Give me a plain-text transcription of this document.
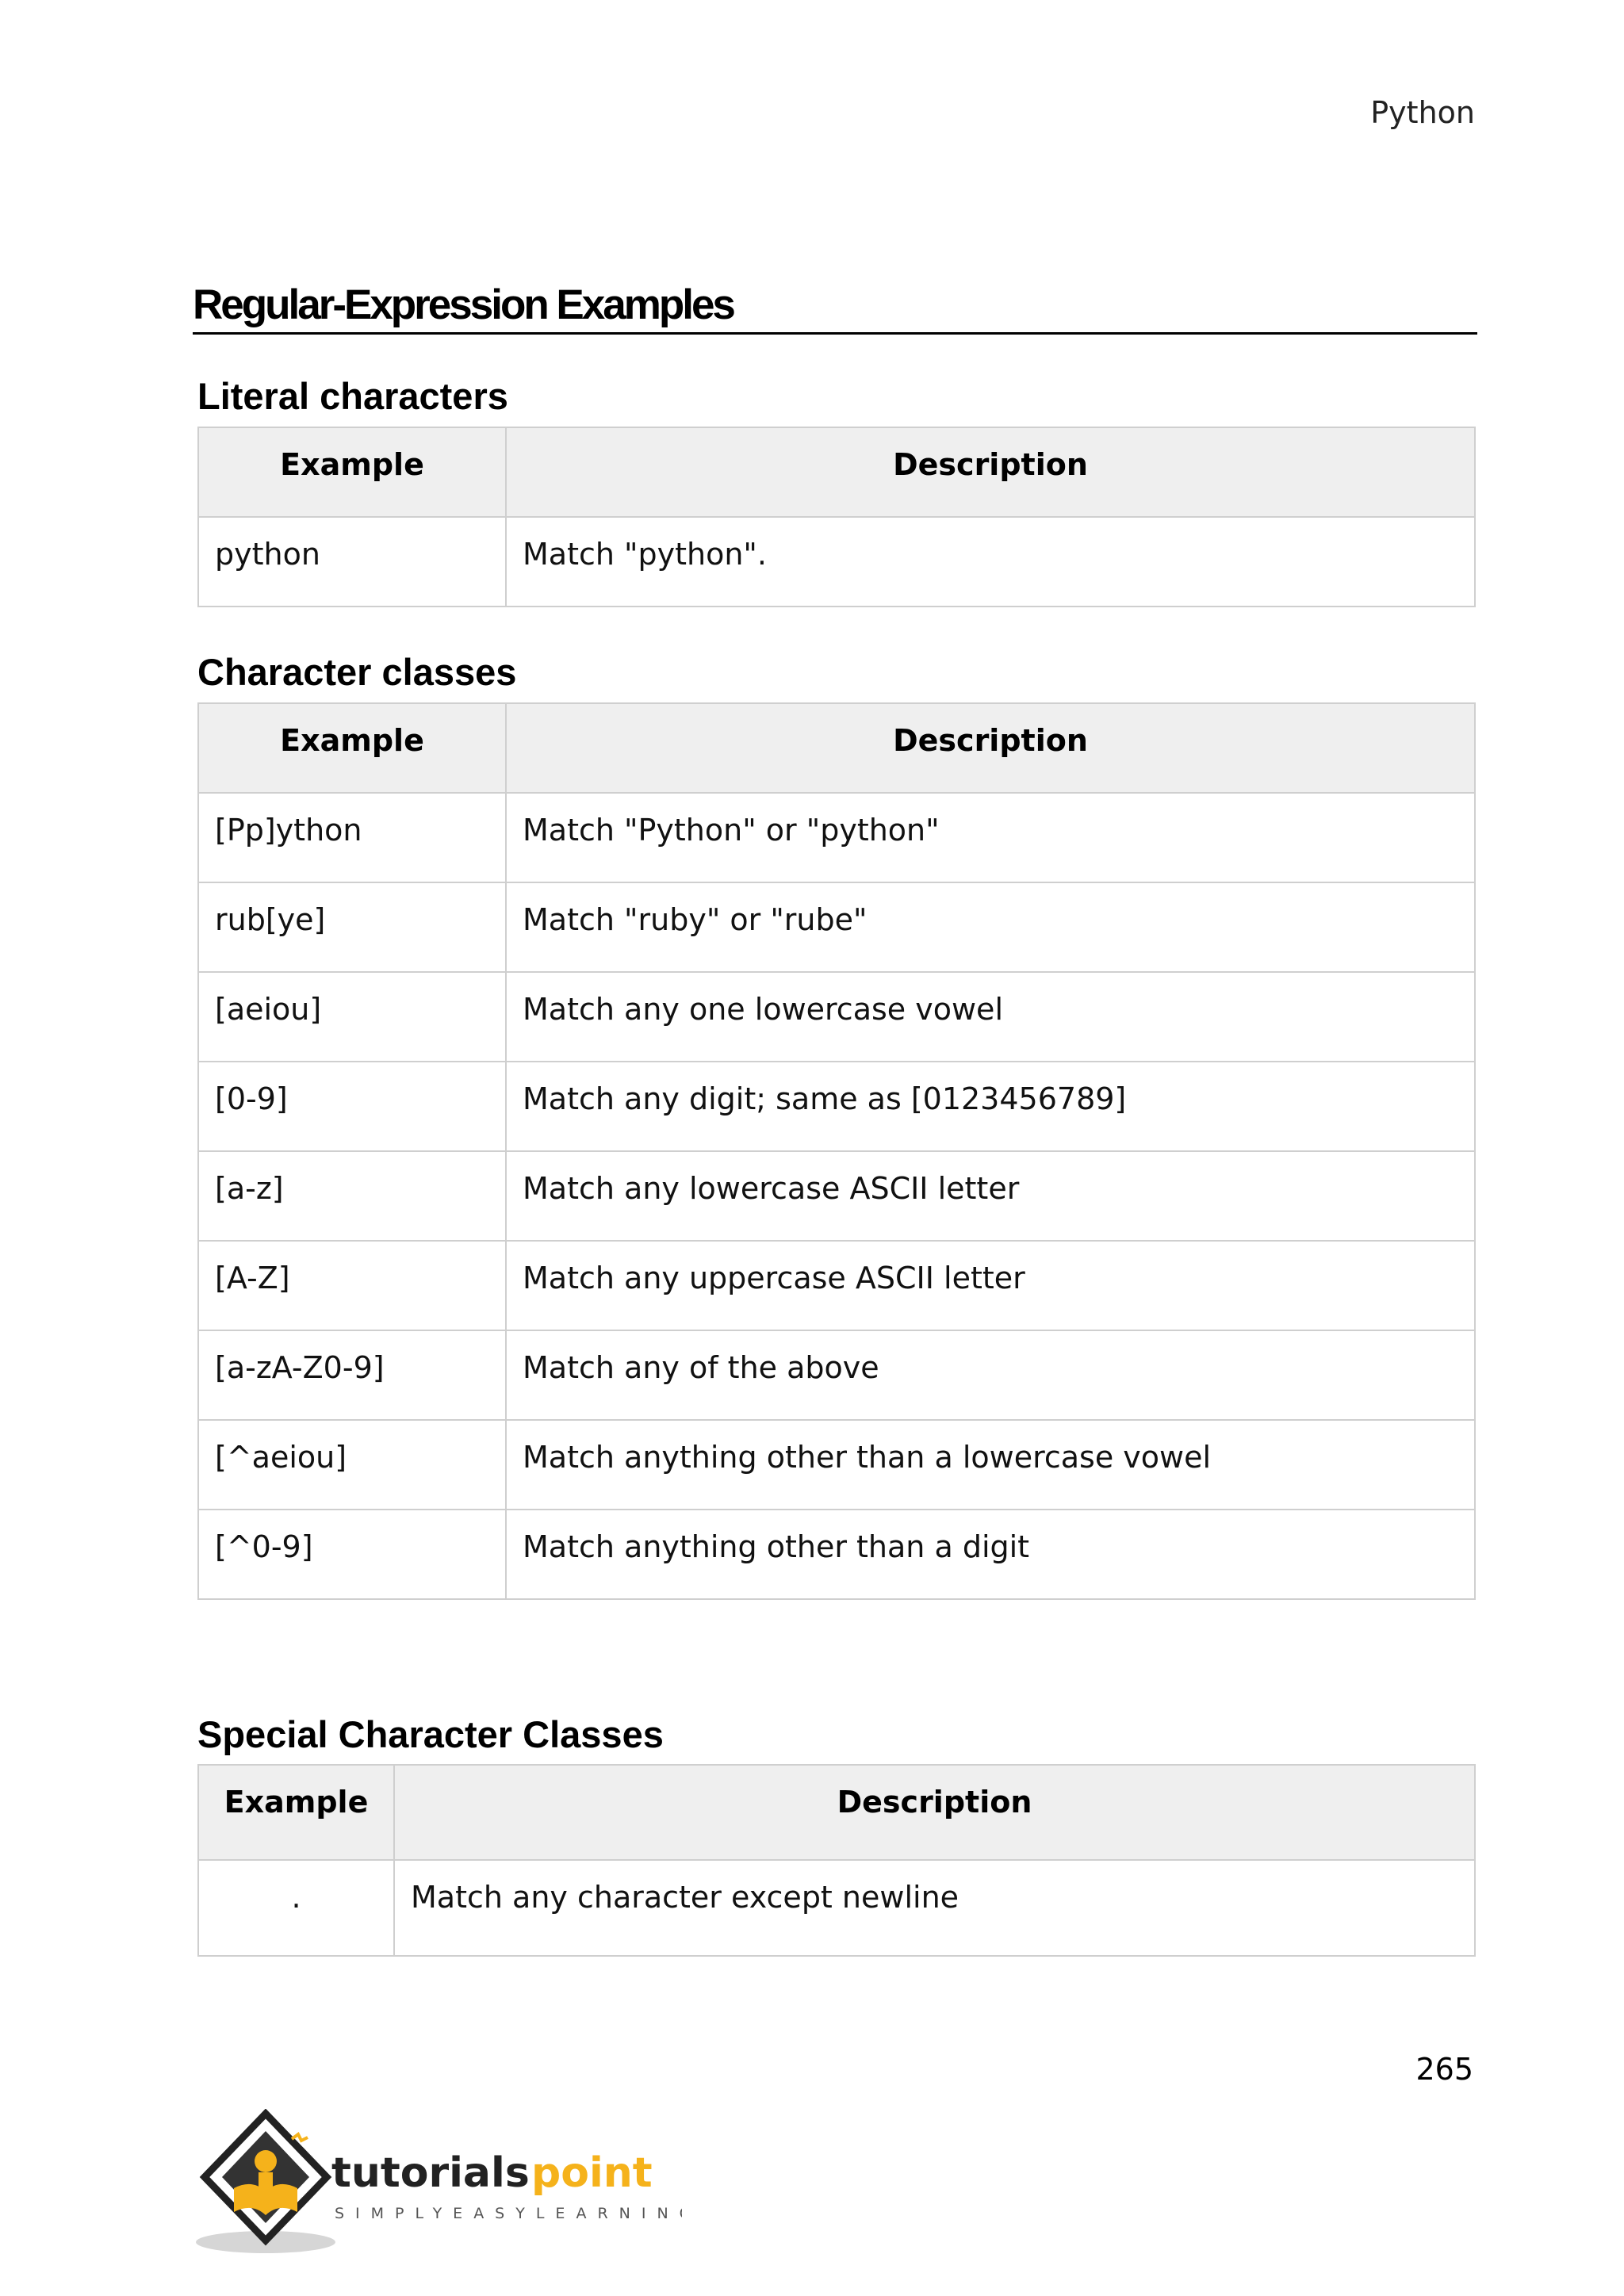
Python
Regular-Expression Examples
Literal characters
Example	Description
python	Match "python".
Character classes
Example	Description
[Pp]ython	Match "Python" or "python"
rub[ye]	Match "ruby" or "rube"
[aeiou]	Match any one lowercase vowel
[0-9]	Match any digit; same as [0123456789]
[a-z]	Match any lowercase ASCII letter
[A-Z]	Match any uppercase ASCII letter
[a-zA-Z0-9]	Match any of the above
[^aeiou]	Match anything other than a lowercase vowel
[^0-9]	Match anything other than a digit
Special Character Classes
Example	Description
.	Match any character except newline
265
tutorials point
SIMPLYEASYLEARNING
